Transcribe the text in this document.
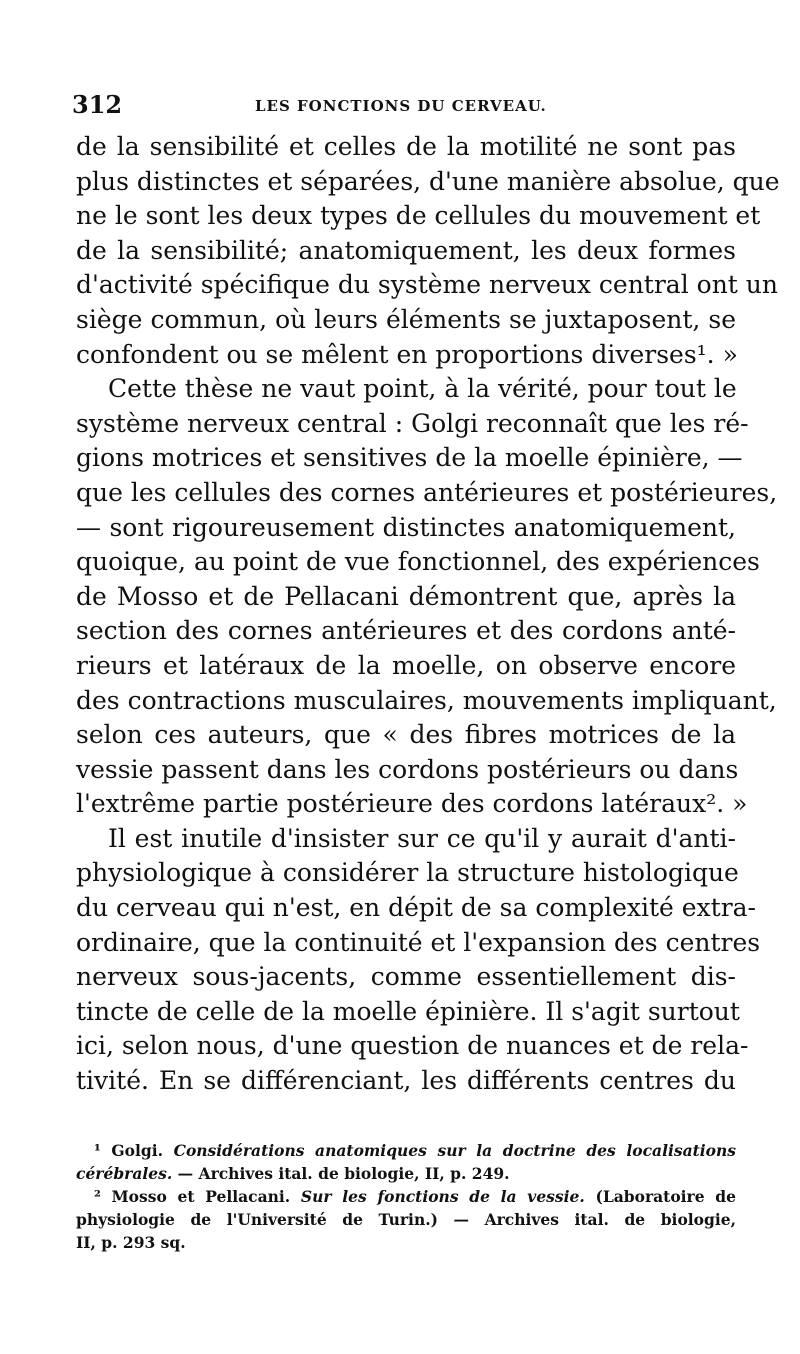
312	LES FONCTIONS DU CERVEAU.
de la sensibilité et celles de la motilité ne sont pas
plus distinctes et séparées, d'une manière absolue, que
ne le sont les deux types de cellules du mouvement et
de la sensibilité; anatomiquement, les deux formes
d'activité spécifique du système nerveux central ont un
siège commun, où leurs éléments se juxtaposent, se
confondent ou se mêlent en proportions diverses¹. »
Cette thèse ne vaut point, à la vérité, pour tout le
système nerveux central : Golgi reconnaît que les ré-
gions motrices et sensitives de la moelle épinière, —
que les cellules des cornes antérieures et postérieures,
— sont rigoureusement distinctes anatomiquement,
quoique, au point de vue fonctionnel, des expériences
de Mosso et de Pellacani démontrent que, après la
section des cornes antérieures et des cordons anté-
rieurs et latéraux de la moelle, on observe encore
des contractions musculaires, mouvements impliquant,
selon ces auteurs, que « des fibres motrices de la
vessie passent dans les cordons postérieurs ou dans
l'extrême partie postérieure des cordons latéraux². »
Il est inutile d'insister sur ce qu'il y aurait d'anti-
physiologique à considérer la structure histologique
du cerveau qui n'est, en dépit de sa complexité extra-
ordinaire, que la continuité et l'expansion des centres
nerveux sous-jacents, comme essentiellement dis-
tincte de celle de la moelle épinière. Il s'agit surtout
ici, selon nous, d'une question de nuances et de rela-
tivité. En se différenciant, les différents centres du
¹ Golgi. Considérations anatomiques sur la doctrine des localisations
cérébrales. — Archives ital. de biologie, II, p. 249.
² Mosso et Pellacani. Sur les fonctions de la vessie. (Laboratoire de
physiologie de l'Université de Turin.) — Archives ital. de biologie,
II, p. 293 sq.
